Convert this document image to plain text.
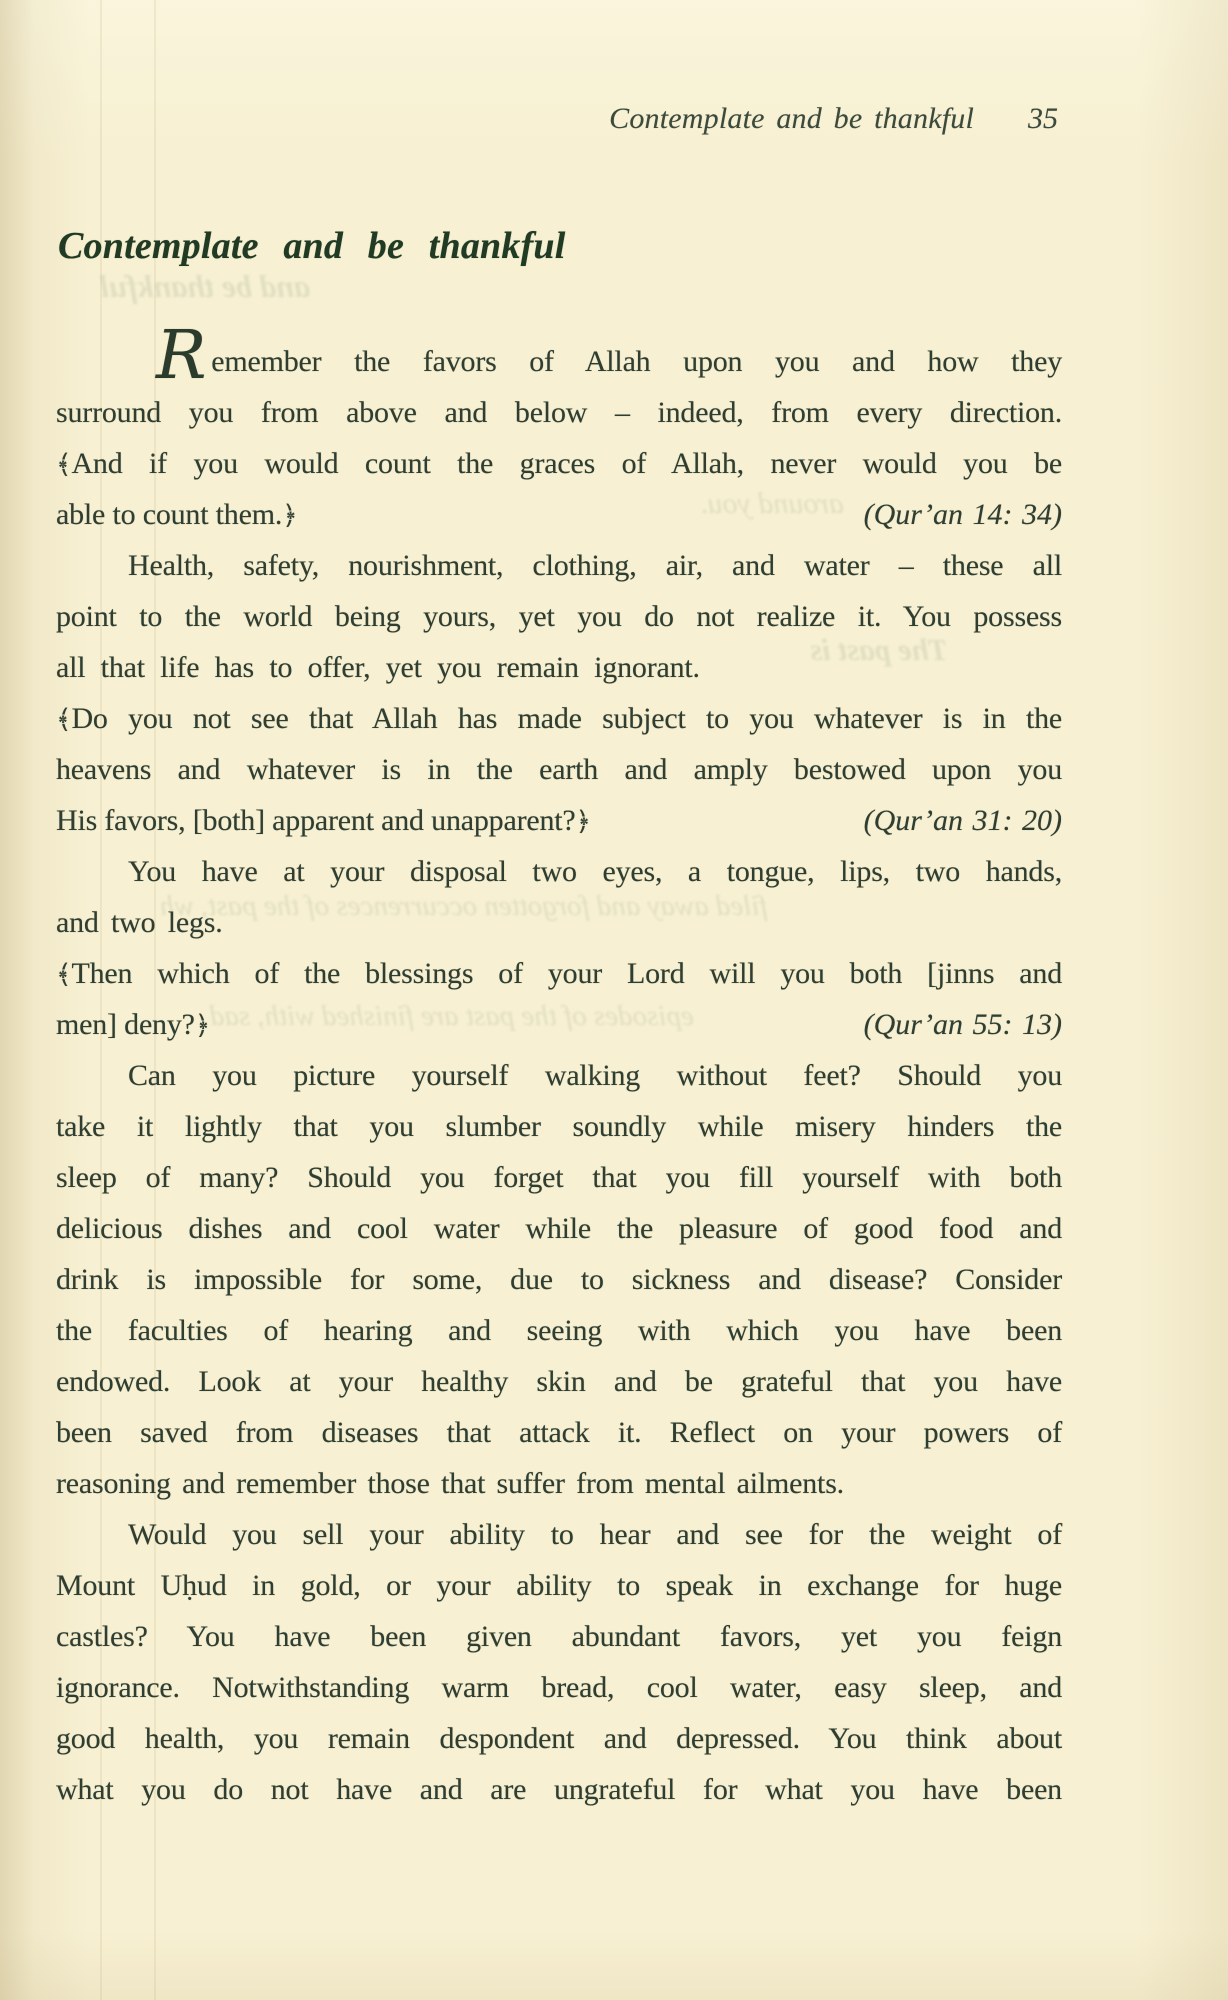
and be thankful
around you.
The past is
filed away and forgotten occurrences of the past, wh
episodes of the past are finished with, sad
Contemplate and be thankful 35
Contemplate and be thankful
Remember the favors of Allah upon you and how they
surround you from above and below – indeed, from every direction.
﴾And if you would count the graces of Allah, never would you be
able to count them.﴿	(Qur’an 14: 34)
Health, safety, nourishment, clothing, air, and water – these all
point to the world being yours, yet you do not realize it. You possess
all that life has to offer, yet you remain ignorant.
﴾Do you not see that Allah has made subject to you whatever is in the
heavens and whatever is in the earth and amply bestowed upon you
His favors, [both] apparent and unapparent?﴿	(Qur’an 31: 20)
You have at your disposal two eyes, a tongue, lips, two hands,
and two legs.
﴾Then which of the blessings of your Lord will you both [jinns and
men] deny?﴿	(Qur’an 55: 13)
Can you picture yourself walking without feet? Should you
take it lightly that you slumber soundly while misery hinders the
sleep of many? Should you forget that you fill yourself with both
delicious dishes and cool water while the pleasure of good food and
drink is impossible for some, due to sickness and disease? Consider
the faculties of hearing and seeing with which you have been
endowed. Look at your healthy skin and be grateful that you have
been saved from diseases that attack it. Reflect on your powers of
reasoning and remember those that suffer from mental ailments.
Would you sell your ability to hear and see for the weight of
Mount Uḥud in gold, or your ability to speak in exchange for huge
castles? You have been given abundant favors, yet you feign
ignorance. Notwithstanding warm bread, cool water, easy sleep, and
good health, you remain despondent and depressed. You think about
what you do not have and are ungrateful for what you have been
